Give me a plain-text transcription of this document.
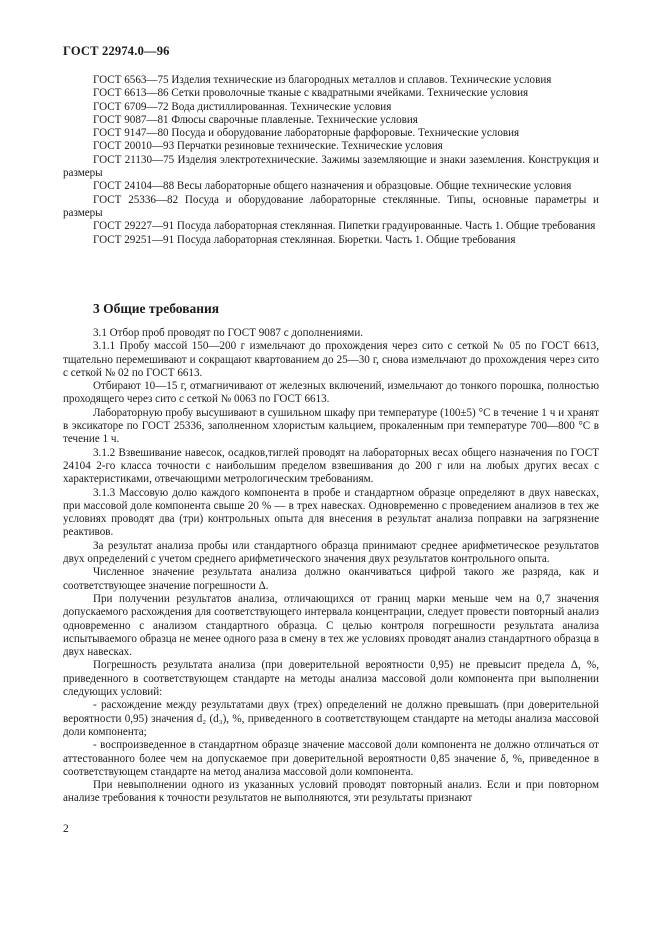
ГОСТ 22974.0—96

ГОСТ 6563—75 Изделия технические из благородных металлов и сплавов. Технические условия

ГОСТ 6613—86 Сетки проволочные тканые с квадратными ячейками. Технические условия

ГОСТ 6709—72 Вода дистиллированная. Технические условия

ГОСТ 9087—81 Флюсы сварочные плавленые. Технические условия

ГОСТ 9147—80 Посуда и оборудование лабораторные фарфоровые. Технические условия

ГОСТ 20010—93 Перчатки резиновые технические. Технические условия

ГОСТ 21130—75 Изделия электротехнические. Зажимы заземляющие и знаки заземления. Конструкция и размеры

ГОСТ 24104—88 Весы лабораторные общего назначения и образцовые. Общие технические условия

ГОСТ 25336—82 Посуда и оборудование лабораторные стеклянные. Типы, основные параметры и размеры

ГОСТ 29227—91 Посуда лабораторная стеклянная. Пипетки градуированные. Часть 1. Общие требования

ГОСТ 29251—91 Посуда лабораторная стеклянная. Бюретки. Часть 1. Общие требования

3 Общие требования

3.1 Отбор проб проводят по ГОСТ 9087 с дополнениями.

3.1.1 Пробу массой 150—200 г измельчают до прохождения через сито с сеткой № 05 по ГОСТ 6613, тщательно перемешивают и сокращают квартованием до 25—30 г, снова измельчают до прохождения через сито с сеткой № 02 по ГОСТ 6613.

Отбирают 10—15 г, отмагничивают от железных включений, измельчают до тонкого порошка, полностью проходящего через сито с сеткой № 0063 по ГОСТ 6613.

Лабораторную пробу высушивают в сушильном шкафу при температуре (100±5) °С в течение 1 ч и хранят в эксикаторе по ГОСТ 25336, заполненном хлористым кальцием, прокаленным при температуре 700—800 °С в течение 1 ч.

3.1.2 Взвешивание навесок, осадков,тиглей проводят на лабораторных весах общего назначения по ГОСТ 24104 2-го класса точности с наибольшим пределом взвешивания до 200 г или на любых других весах с характеристиками, отвечающими метрологическим требованиям.

3.1.3 Массовую долю каждого компонента в пробе и стандартном образце определяют в двух навесках, при массовой доле компонента свыше 20 % — в трех навесках. Одновременно с проведением анализов в тех же условиях проводят два (три) контрольных опыта для внесения в результат анализа поправки на загрязнение реактивов.

За результат анализа пробы или стандартного образца принимают среднее арифметическое результатов двух определений с учетом среднего арифметического значения двух результатов контрольного опыта.

Численное значение результата анализа должно оканчиваться цифрой такого же разряда, как и соответствующее значение погрешности Δ.

При получении результатов анализа, отличающихся от границ марки меньше чем на 0,7 значения допускаемого расхождения для соответствующего интервала концентрации, следует провести повторный анализ одновременно с анализом стандартного образца. С целью контроля погрешности результата анализа испытываемого образца не менее одного раза в смену в тех же условиях проводят анализ стандартного образца в двух навесках.

Погрешность результата анализа (при доверительной вероятности 0,95) не превысит предела Δ, %, приведенного в соответствующем стандарте на методы анализа массовой доли компонента при выполнении следующих условий:

- расхождение между результатами двух (трех) определений не должно превышать (при доверительной вероятности 0,95) значения d₂ (d₃), %, приведенного в соответствующем стандарте на методы анализа массовой доли компонента;

- воспроизведенное в стандартном образце значение массовой доли компонента не должно отличаться от аттестованного более чем на допускаемое при доверительной вероятности 0,85 значение δ, %, приведенное в соответствующем стандарте на метод анализа массовой доли компонента.

При невыполнении одного из указанных условий проводят повторный анализ. Если и при повторном анализе требования к точности результатов не выполняются, эти результаты признают

2
